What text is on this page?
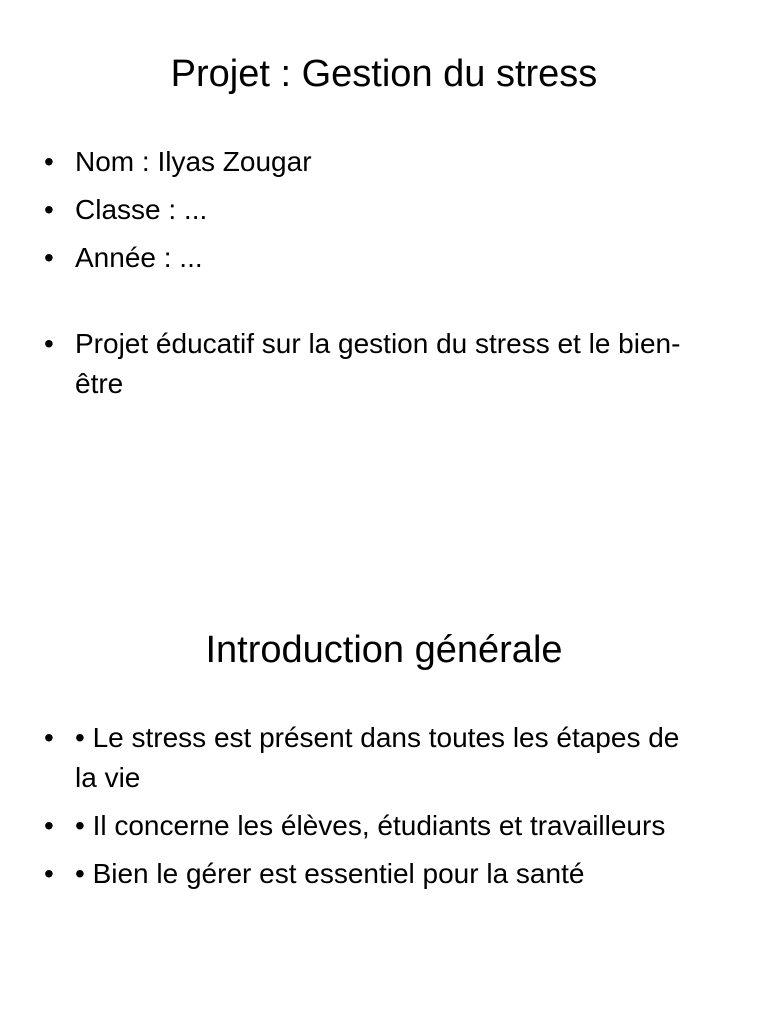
Projet : Gestion du stress
• Nom : Ilyas Zougar
• Classe : ...
• Année : ...
• Projet éducatif sur la gestion du stress et le bien-être
Introduction générale
• • Le stress est présent dans toutes les étapes de la vie
• • Il concerne les élèves, étudiants et travailleurs
• • Bien le gérer est essentiel pour la santé
